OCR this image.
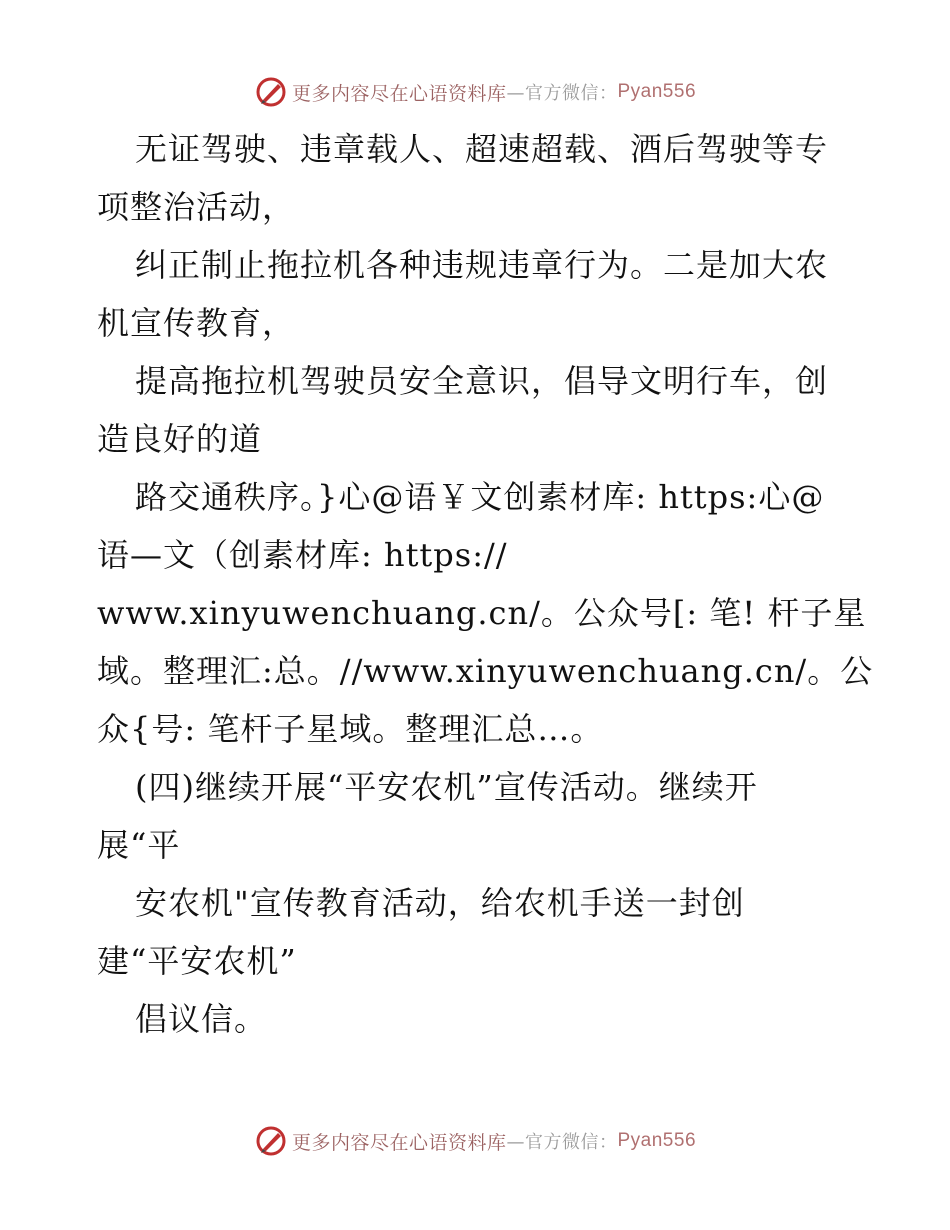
更多内容尽在心语资料库 —官方微信： Pyan556
无证驾驶、违章载人、超速超载、酒后驾驶等专
项整治活动，
纠正制止拖拉机各种违规违章行为。二是加大农
机宣传教育，
提高拖拉机驾驶员安全意识，倡导文明行车，创
造良好的道
路交通秩序。}心@语￥文创素材库: https:心@
语—文（创素材库: https://
www.xinyuwenchuang.cn/。公众号[: 笔! 杆子星
域。整理汇:总。//www.xinyuwenchuang.cn/。公
众{号: 笔杆子星域。整理汇总…。
(四)继续开展“平安农机”宣传活动。继续开
展“平
安农机"宣传教育活动，给农机手送一封创
建“平安农机”
倡议信。
更多内容尽在心语资料库 —官方微信： Pyan556
